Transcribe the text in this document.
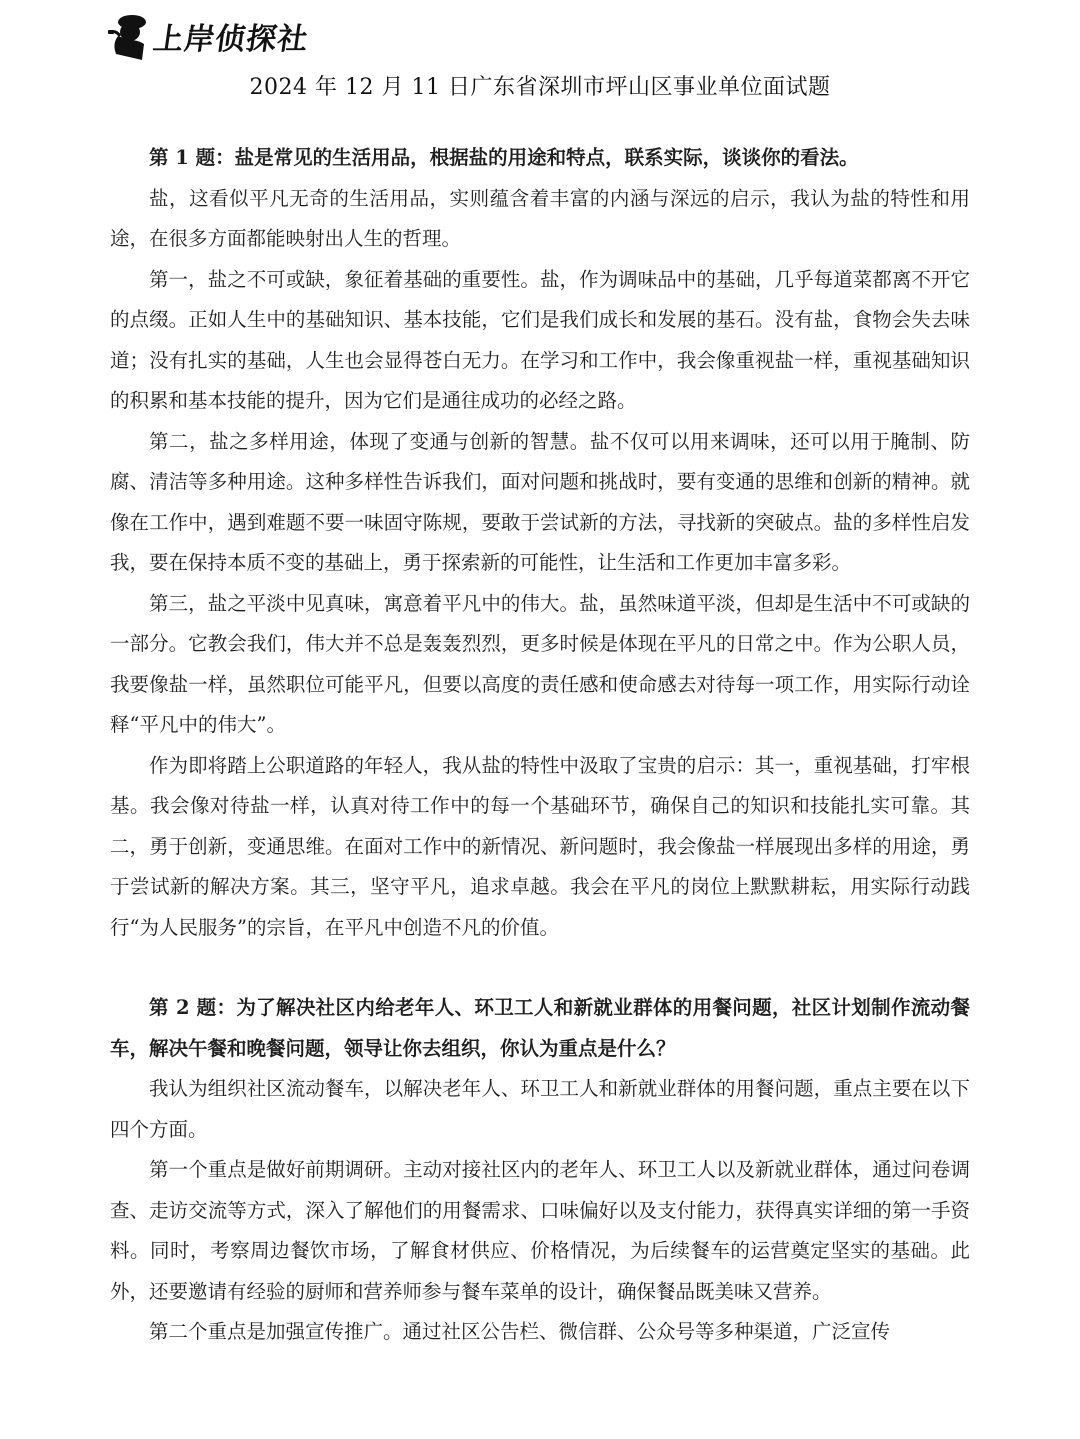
上岸侦探社
2024 年 12 月 11 日广东省深圳市坪山区事业单位面试题

第 1 题：盐是常见的生活用品，根据盐的用途和特点，联系实际，谈谈你的看法。

盐，这看似平凡无奇的生活用品，实则蕴含着丰富的内涵与深远的启示，我认为盐的特性和用途，在很多方面都能映射出人生的哲理。

第一，盐之不可或缺，象征着基础的重要性。盐，作为调味品中的基础，几乎每道菜都离不开它的点缀。正如人生中的基础知识、基本技能，它们是我们成长和发展的基石。没有盐，食物会失去味道；没有扎实的基础，人生也会显得苍白无力。在学习和工作中，我会像重视盐一样，重视基础知识的积累和基本技能的提升，因为它们是通往成功的必经之路。

第二，盐之多样用途，体现了变通与创新的智慧。盐不仅可以用来调味，还可以用于腌制、防腐、清洁等多种用途。这种多样性告诉我们，面对问题和挑战时，要有变通的思维和创新的精神。就像在工作中，遇到难题不要一味固守陈规，要敢于尝试新的方法，寻找新的突破点。盐的多样性启发我，要在保持本质不变的基础上，勇于探索新的可能性，让生活和工作更加丰富多彩。

第三，盐之平淡中见真味，寓意着平凡中的伟大。盐，虽然味道平淡，但却是生活中不可或缺的一部分。它教会我们，伟大并不总是轰轰烈烈，更多时候是体现在平凡的日常之中。作为公职人员，我要像盐一样，虽然职位可能平凡，但要以高度的责任感和使命感去对待每一项工作，用实际行动诠释“平凡中的伟大”。

作为即将踏上公职道路的年轻人，我从盐的特性中汲取了宝贵的启示：其一，重视基础，打牢根基。我会像对待盐一样，认真对待工作中的每一个基础环节，确保自己的知识和技能扎实可靠。其二，勇于创新，变通思维。在面对工作中的新情况、新问题时，我会像盐一样展现出多样的用途，勇于尝试新的解决方案。其三，坚守平凡，追求卓越。我会在平凡的岗位上默默耕耘，用实际行动践行“为人民服务”的宗旨，在平凡中创造不凡的价值。

第 2 题：为了解决社区内给老年人、环卫工人和新就业群体的用餐问题，社区计划制作流动餐车，解决午餐和晚餐问题，领导让你去组织，你认为重点是什么？

我认为组织社区流动餐车，以解决老年人、环卫工人和新就业群体的用餐问题，重点主要在以下四个方面。

第一个重点是做好前期调研。主动对接社区内的老年人、环卫工人以及新就业群体，通过问卷调查、走访交流等方式，深入了解他们的用餐需求、口味偏好以及支付能力，获得真实详细的第一手资料。同时，考察周边餐饮市场，了解食材供应、价格情况，为后续餐车的运营奠定坚实的基础。此外，还要邀请有经验的厨师和营养师参与餐车菜单的设计，确保餐品既美味又营养。

第二个重点是加强宣传推广。通过社区公告栏、微信群、公众号等多种渠道，广泛宣传
